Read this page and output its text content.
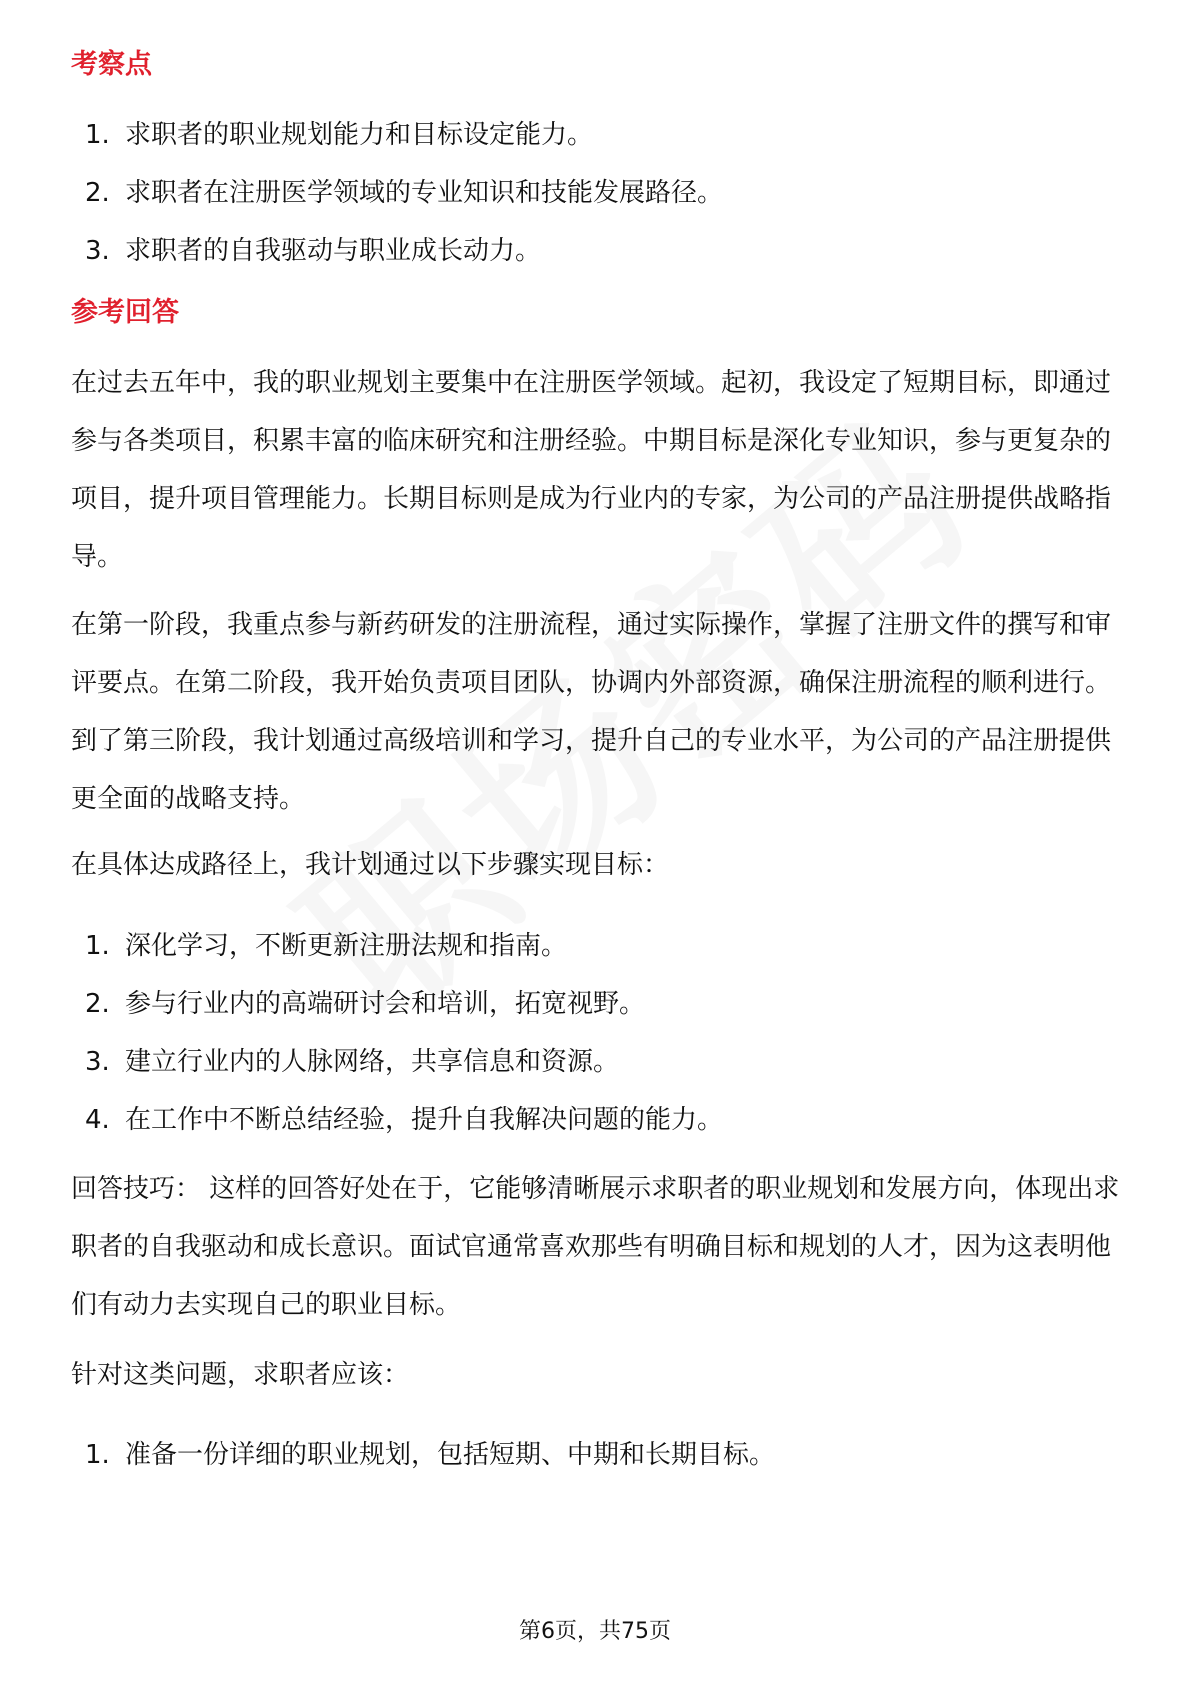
考察点
1. 求职者的职业规划能力和目标设定能力。
2. 求职者在注册医学领域的专业知识和技能发展路径。
3. 求职者的自我驱动与职业成长动力。
参考回答

在过去五年中，我的职业规划主要集中在注册医学领域。起初，我设定了短期目标，即通过参与各类项目，积累丰富的临床研究和注册经验。中期目标是深化专业知识，参与更复杂的项目，提升项目管理能力。长期目标则是成为行业内的专家，为公司的产品注册提供战略指导。

在第一阶段，我重点参与新药研发的注册流程，通过实际操作，掌握了注册文件的撰写和审评要点。在第二阶段，我开始负责项目团队，协调内外部资源，确保注册流程的顺利进行。到了第三阶段，我计划通过高级培训和学习，提升自己的专业水平，为公司的产品注册提供更全面的战略支持。

在具体达成路径上，我计划通过以下步骤实现目标：

1. 深化学习，不断更新注册法规和指南。
2. 参与行业内的高端研讨会和培训，拓宽视野。
3. 建立行业内的人脉网络，共享信息和资源。
4. 在工作中不断总结经验，提升自我解决问题的能力。

回答技巧： 这样的回答好处在于，它能够清晰展示求职者的职业规划和发展方向，体现出求职者的自我驱动和成长意识。面试官通常喜欢那些有明确目标和规划的人才，因为这表明他们有动力去实现自己的职业目标。

针对这类问题，求职者应该：

1. 准备一份详细的职业规划，包括短期、中期和长期目标。
第6页，共75页
